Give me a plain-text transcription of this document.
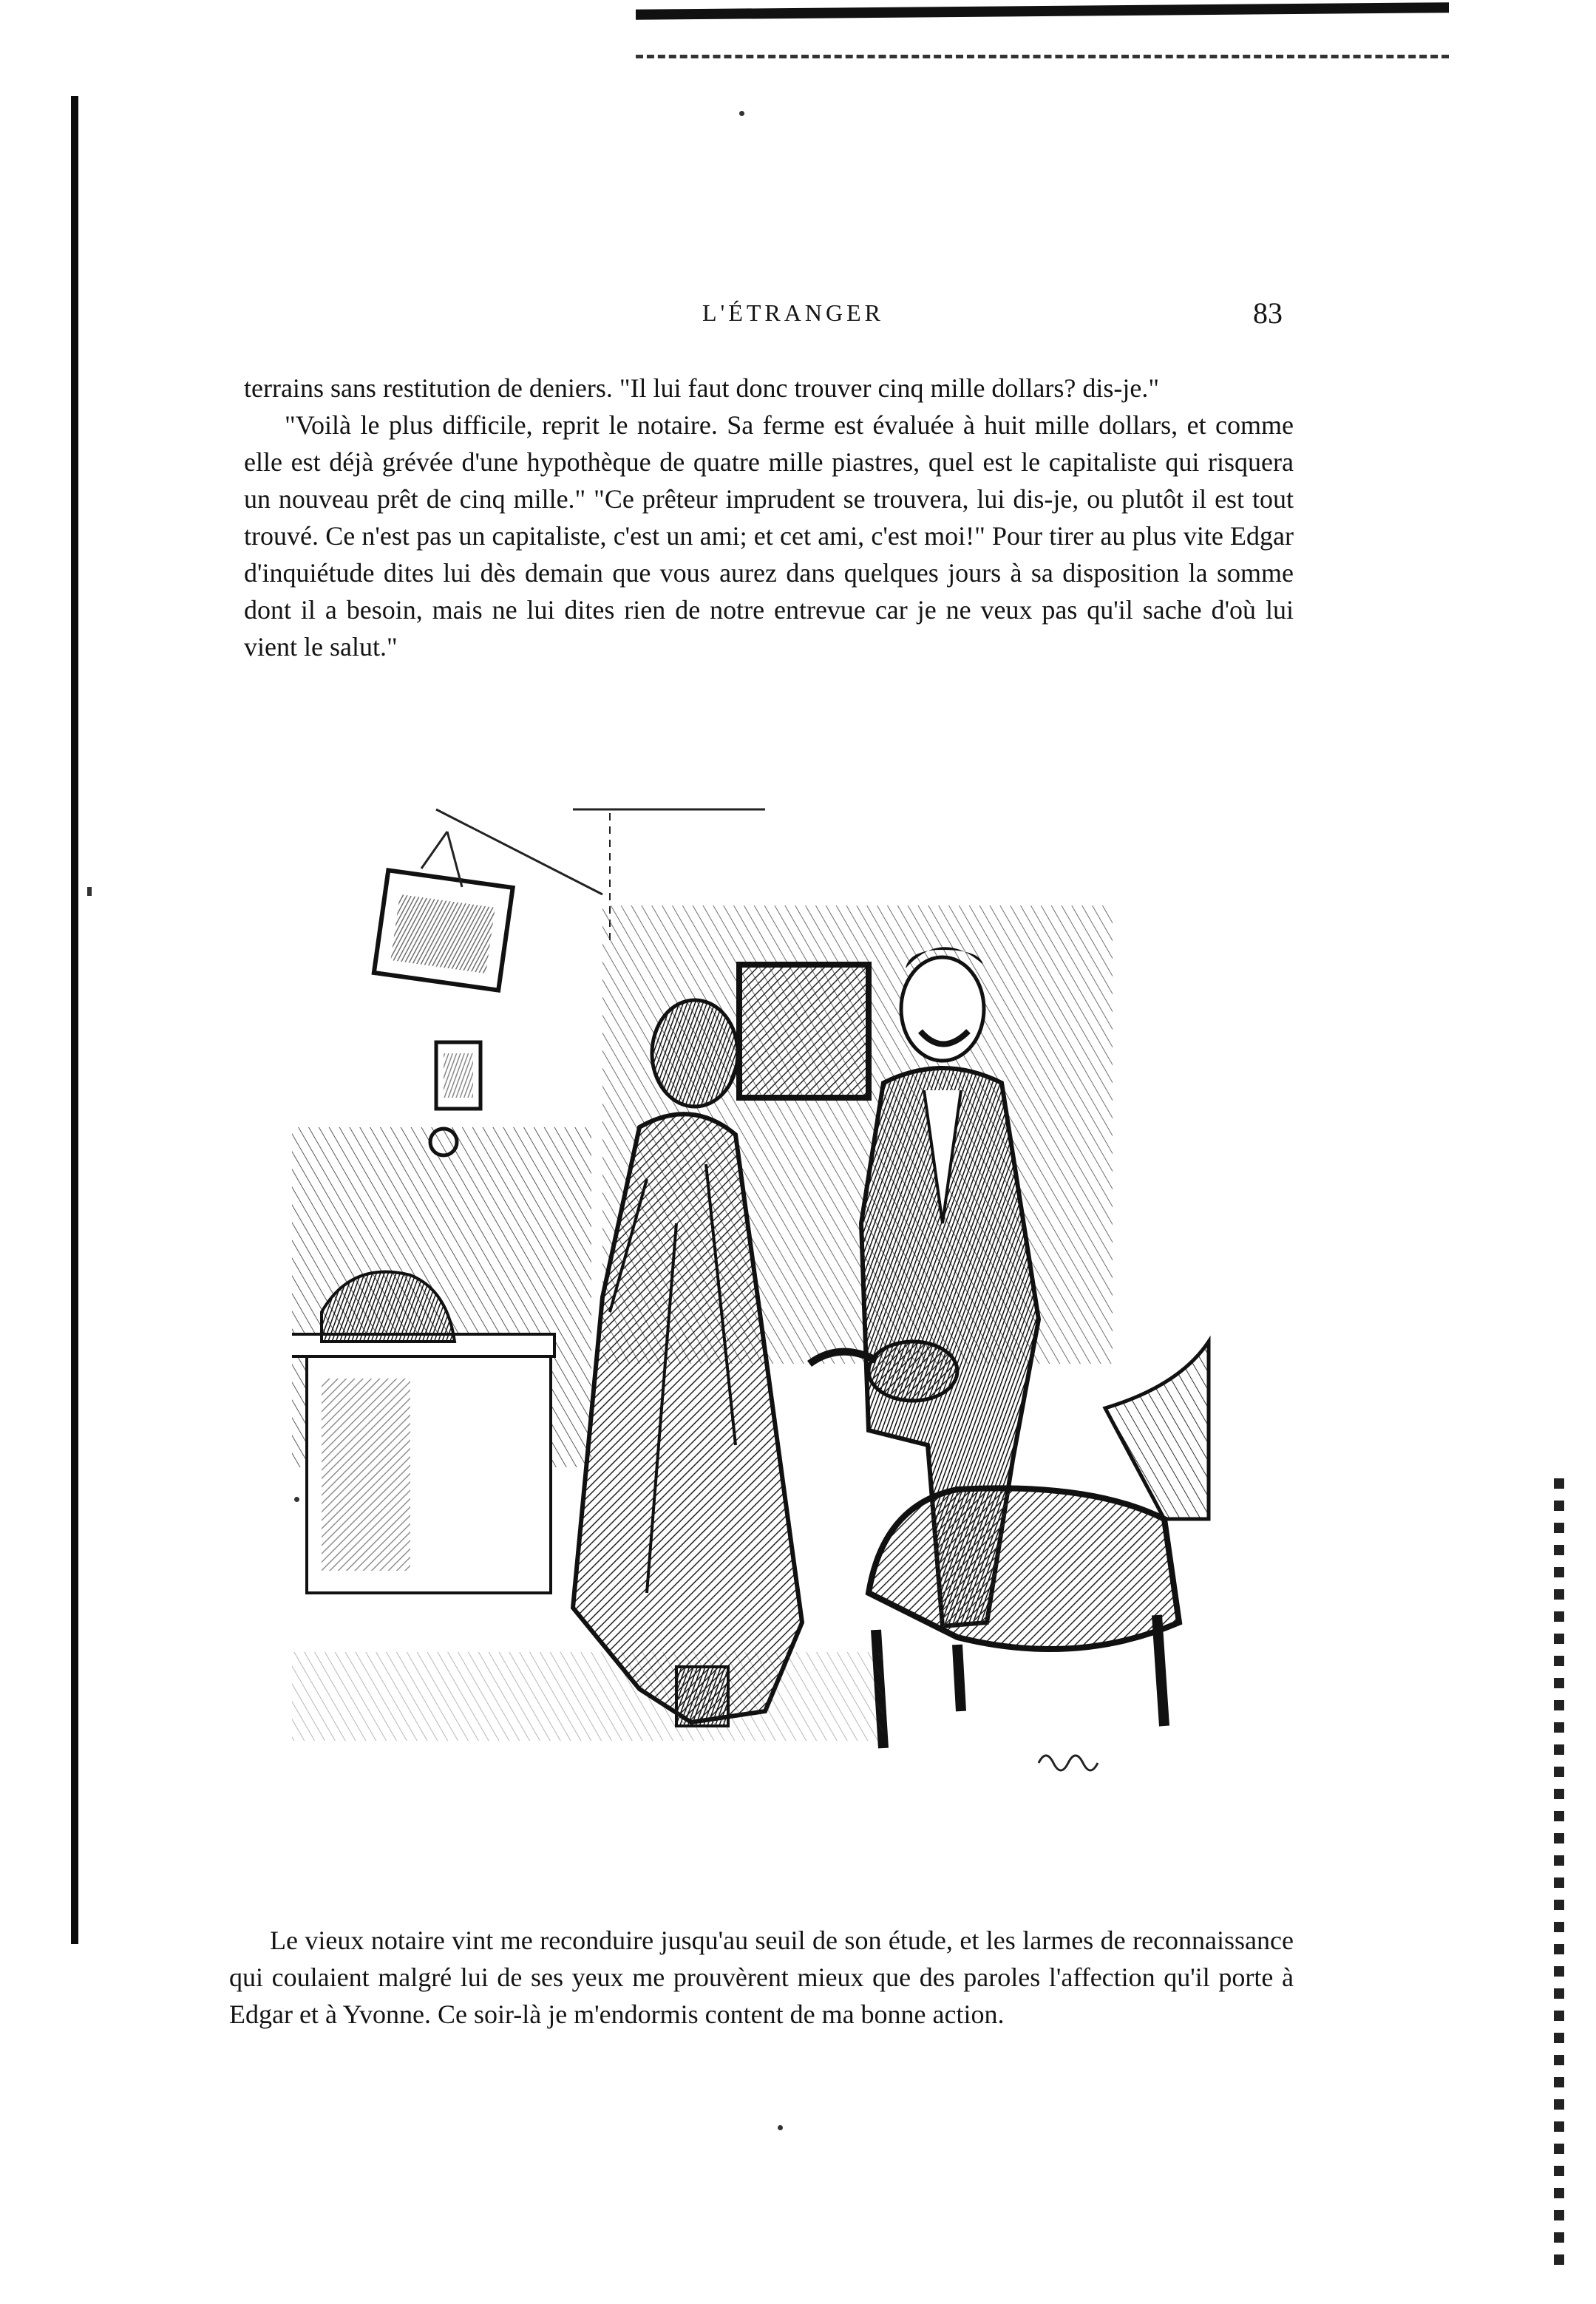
L'ÉTRANGER	83

terrains sans restitution de deniers. "Il lui faut donc trouver cinq mille dollars? dis-je."

"Voilà le plus difficile, reprit le notaire. Sa ferme est évaluée à huit mille dollars, et comme elle est déjà grévée d'une hypothèque de quatre mille piastres, quel est le capitaliste qui risquera un nouveau prêt de cinq mille." "Ce prêteur imprudent se trouvera, lui dis-je, ou plutôt il est tout trouvé. Ce n'est pas un capitaliste, c'est un ami; et cet ami, c'est moi!" Pour tirer au plus vite Edgar d'inquiétude dites lui dès demain que vous aurez dans quelques jours à sa disposition la somme dont il a besoin, mais ne lui dites rien de notre entrevue car je ne veux pas qu'il sache d'où lui vient le salut."

Le vieux notaire vint me reconduire jusqu'au seuil de son étude, et les larmes de reconnaissance qui coulaient malgré lui de ses yeux me prouvèrent mieux que des paroles l'affection qu'il porte à Edgar et à Yvonne. Ce soir-là je m'endormis content de ma bonne action.
